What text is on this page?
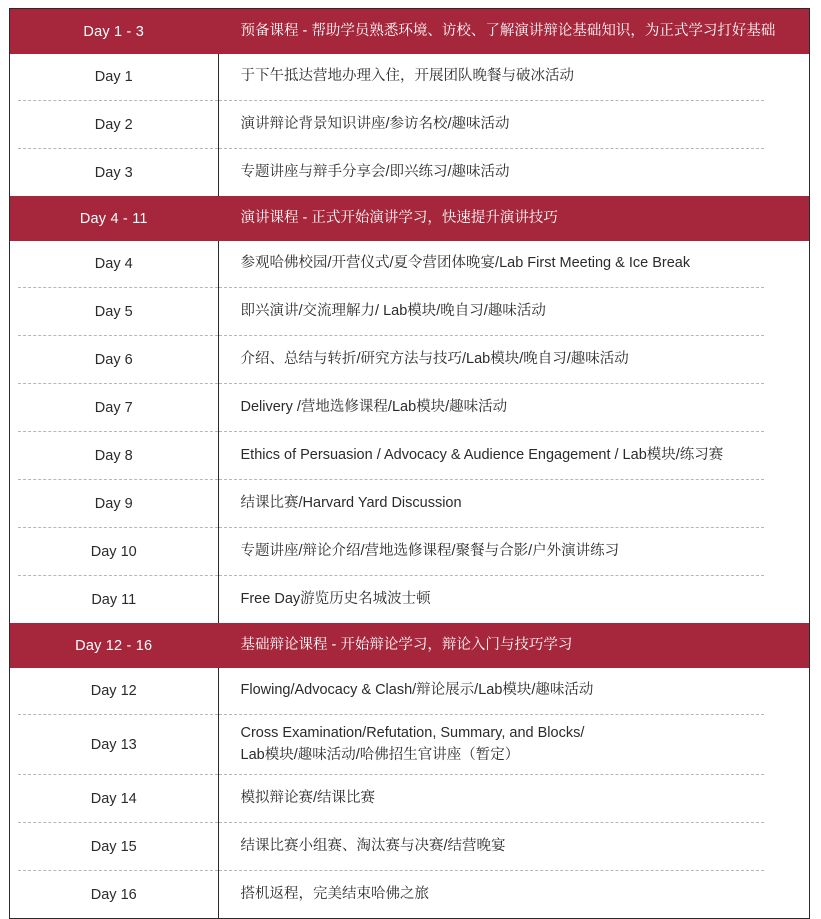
Day 1 - 3	预备课程 - 帮助学员熟悉环境、访校、了解演讲辩论基础知识，为正式学习打好基础
Day 1	于下午抵达营地办理入住，开展团队晚餐与破冰活动

Day 2	演讲辩论背景知识讲座/参访名校/趣味活动

Day 3	专题讲座与辩手分享会/即兴练习/趣味活动

Day 4 - 11	演讲课程 - 正式开始演讲学习，快速提升演讲技巧
Day 4	参观哈佛校园/开营仪式/夏令营团体晚宴/Lab First Meeting & Ice Break

Day 5	即兴演讲/交流理解力/ Lab模块/晚自习/趣味活动

Day 6	介绍、总结与转折/研究方法与技巧/Lab模块/晚自习/趣味活动

Day 7	Delivery /营地选修课程/Lab模块/趣味活动

Day 8	Ethics of Persuasion / Advocacy & Audience Engagement / Lab模块/练习赛

Day 9	结课比赛/Harvard Yard Discussion

Day 10	专题讲座/辩论介绍/营地选修课程/聚餐与合影/户外演讲练习

Day 11	Free Day游览历史名城波士顿

Day 12 - 16	基础辩论课程 - 开始辩论学习，辩论入门与技巧学习
Day 12	Flowing/Advocacy & Clash/辩论展示/Lab模块/趣味活动

Day 13	Cross Examination/Refutation, Summary, and Blocks/
Lab模块/趣味活动/哈佛招生官讲座（暂定）

Day 14	模拟辩论赛/结课比赛

Day 15	结课比赛小组赛、淘汰赛与决赛/结营晚宴

Day 16	搭机返程，完美结束哈佛之旅
